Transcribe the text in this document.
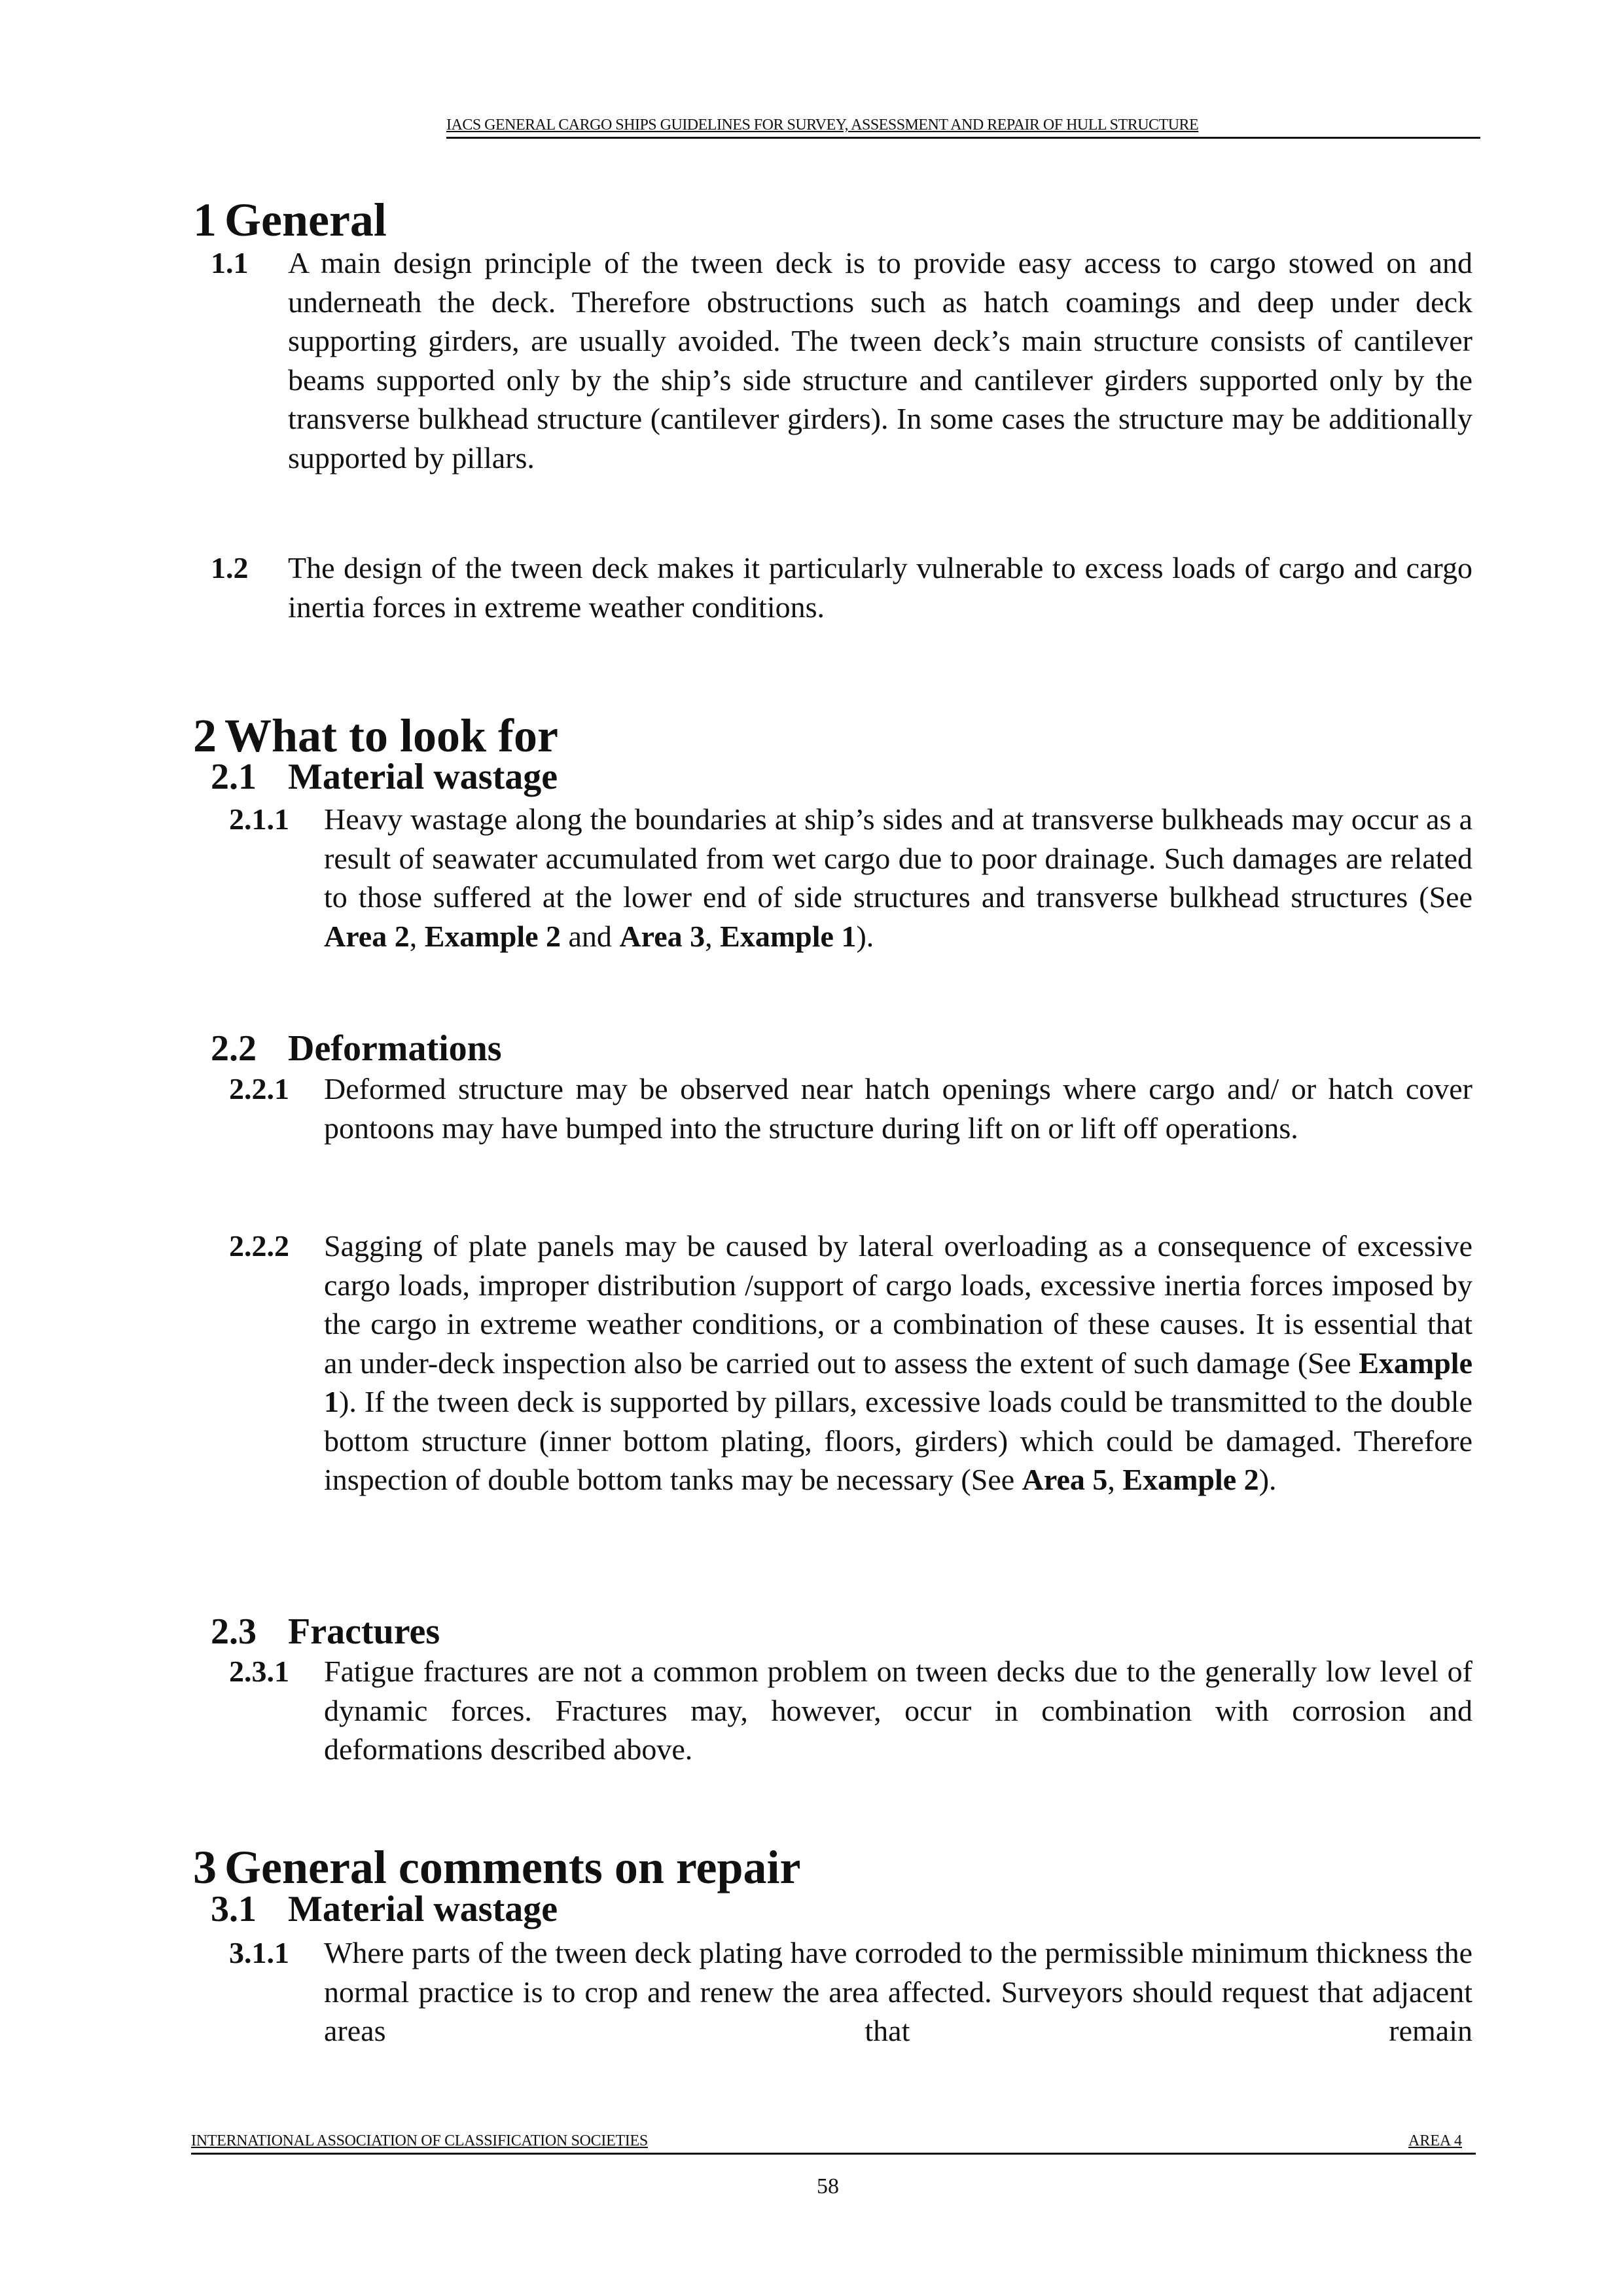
IACS GENERAL CARGO SHIPS GUIDELINES FOR SURVEY, ASSESSMENT AND REPAIR OF HULL STRUCTURE
1 General
1.1 A main design principle of the tween deck is to provide easy access to cargo stowed on and underneath the deck. Therefore obstructions such as hatch coamings and deep under deck supporting girders, are usually avoided. The tween deck’s main structure consists of cantilever beams supported only by the ship’s side structure and cantilever girders supported only by the transverse bulkhead structure (cantilever girders). In some cases the structure may be additionally supported by pillars.
1.2 The design of the tween deck makes it particularly vulnerable to excess loads of cargo and cargo inertia forces in extreme weather conditions.
2 What to look for
2.1 Material wastage
2.1.1 Heavy wastage along the boundaries at ship’s sides and at transverse bulkheads may occur as a result of seawater accumulated from wet cargo due to poor drainage. Such damages are related to those suffered at the lower end of side structures and transverse bulkhead structures (See Area 2, Example 2 and Area 3, Example 1).
2.2 Deformations
2.2.1 Deformed structure may be observed near hatch openings where cargo and/ or hatch cover pontoons may have bumped into the structure during lift on or lift off operations.
2.2.2 Sagging of plate panels may be caused by lateral overloading as a consequence of excessive cargo loads, improper distribution /support of cargo loads, excessive inertia forces imposed by the cargo in extreme weather conditions, or a combination of these causes. It is essential that an under-deck inspection also be carried out to assess the extent of such damage (See Example 1). If the tween deck is supported by pillars, excessive loads could be transmitted to the double bottom structure (inner bottom plating, floors, girders) which could be damaged. Therefore inspection of double bottom tanks may be necessary (See Area 5, Example 2).
2.3 Fractures
2.3.1 Fatigue fractures are not a common problem on tween decks due to the generally low level of dynamic forces. Fractures may, however, occur in combination with corrosion and deformations described above.
3 General comments on repair
3.1 Material wastage
3.1.1 Where parts of the tween deck plating have corroded to the permissible minimum thickness the normal practice is to crop and renew the area affected. Surveyors should request that adjacent areas that remain
INTERNATIONAL ASSOCIATION OF CLASSIFICATION SOCIETIES	AREA 4
58
